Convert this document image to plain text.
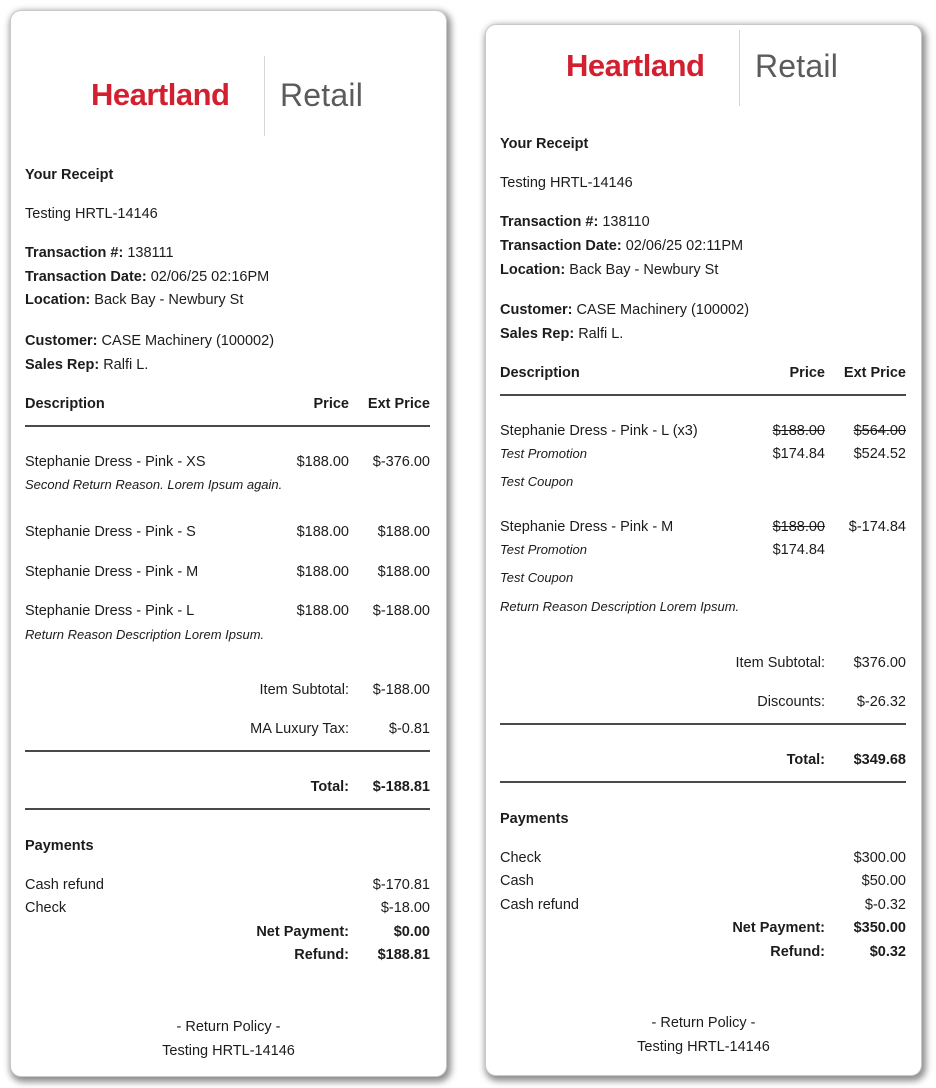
Heartland Retail
Your Receipt
Testing HRTL-14146
Transaction #: 138111
Transaction Date: 02/06/25 02:16PM
Location: Back Bay - Newbury St
Customer: CASE Machinery (100002)
Sales Rep: Ralfi L.
Description	Price Ext Price
Stephanie Dress - Pink - XS	$188.00 $-376.00
Second Return Reason. Lorem Ipsum again.
Stephanie Dress - Pink - S	$188.00 $188.00
Stephanie Dress - Pink - M	$188.00 $188.00
Stephanie Dress - Pink - L	$188.00 $-188.00
Return Reason Description Lorem Ipsum.
Item Subtotal: $-188.00
MA Luxury Tax:	$-0.81
Total: $-188.81
Payments
Cash refund	$-170.81
Check	$-18.00
Net Payment:	$0.00
Refund: $188.81
- Return Policy -
Testing HRTL-14146
Heartland Retail
Your Receipt
Testing HRTL-14146
Transaction #: 138110
Transaction Date: 02/06/25 02:11PM
Location: Back Bay - Newbury St
Customer: CASE Machinery (100002)
Sales Rep: Ralfi L.
Description	Price Ext Price
Stephanie Dress - Pink - L (x3)	$188.00 $564.00
Test Promotion	$174.84 $524.52
Test Coupon
Stephanie Dress - Pink - M	$188.00 $-174.84
Test Promotion	$174.84
Test Coupon
Return Reason Description Lorem Ipsum.
Item Subtotal: $376.00
Discounts: $-26.32
Total: $349.68
Payments
Check	$300.00
Cash	$50.00
Cash refund	$-0.32
Net Payment: $350.00
Refund:	$0.32
- Return Policy -
Testing HRTL-14146
